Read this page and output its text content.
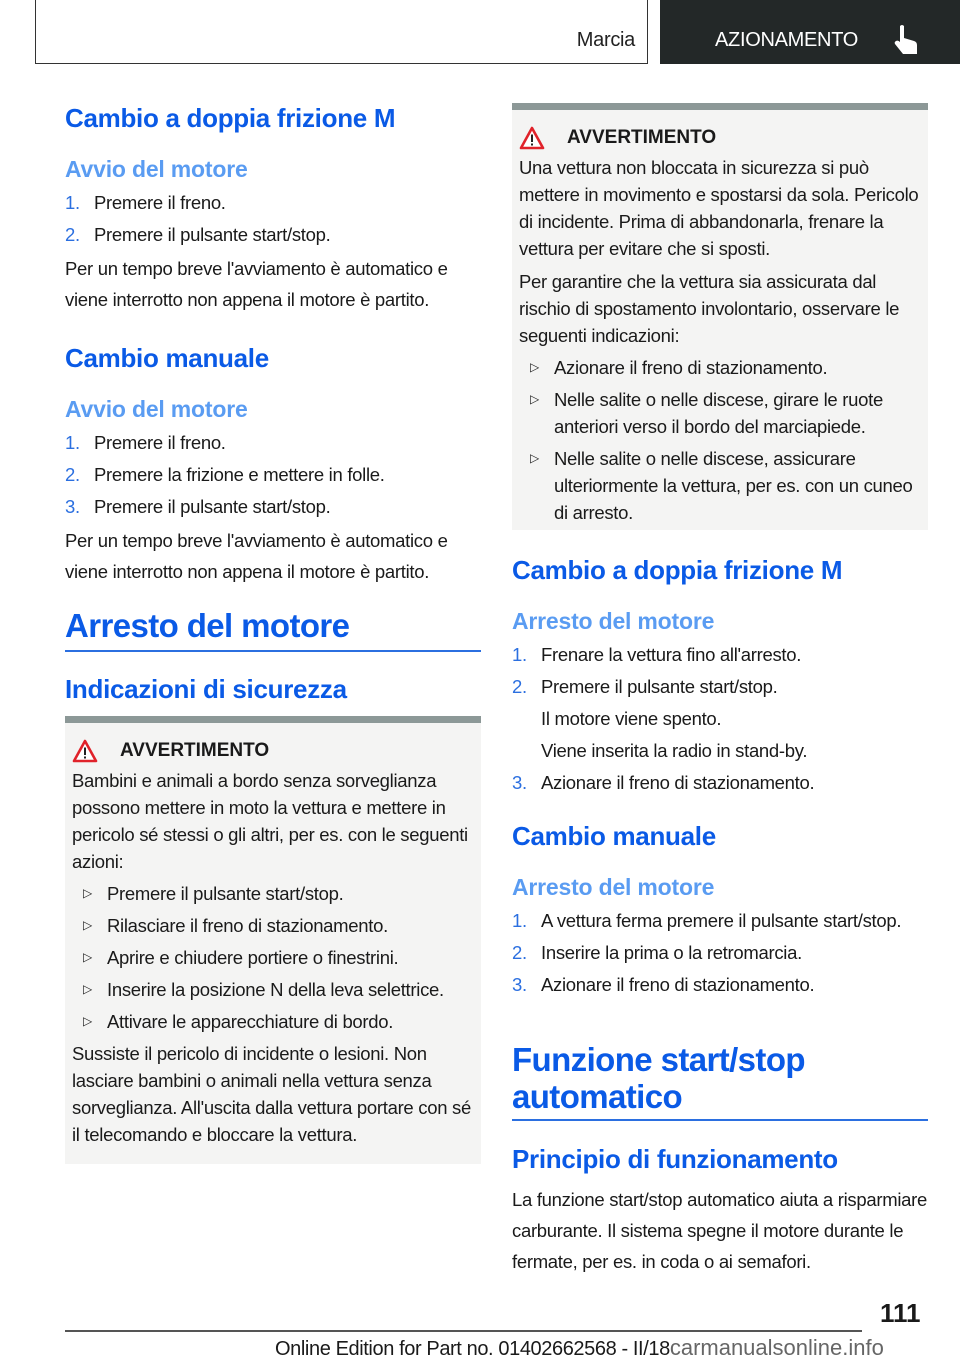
Marcia	AZIONAMENTO
Cambio a doppia frizione M
Avvio del motore
1. Premere il freno.
2. Premere il pulsante start/stop.

Per un tempo breve l'avviamento è automatico e viene interrotto non appena il motore è partito.

Cambio manuale
Avvio del motore
1. Premere il freno.
2. Premere la frizione e mettere in folle.
3. Premere il pulsante start/stop.

Per un tempo breve l'avviamento è automatico e viene interrotto non appena il motore è partito.

Arresto del motore
Indicazioni di sicurezza
AVVERTIMENTO

Bambini e animali a bordo senza sorveglianza possono mettere in moto la vettura e mettere in pericolo sé stessi o gli altri, per es. con le seguenti azioni:

▷
Premere il pulsante start/stop.
▷
Rilasciare il freno di stazionamento.
▷
Aprire e chiudere portiere o finestrini.
▷
Inserire la posizione N della leva selettrice.
▷
Attivare le apparecchiature di bordo.

Sussiste il pericolo di incidente o lesioni. Non lasciare bambini o animali nella vettura senza sorveglianza. All'uscita dalla vettura portare con sé il telecomando e bloccare la vettura.

AVVERTIMENTO

Una vettura non bloccata in sicurezza si può mettere in movimento e spostarsi da sola. Pericolo di incidente. Prima di abbandonarla, frenare la vettura per evitare che si sposti.

Per garantire che la vettura sia assicurata dal rischio di spostamento involontario, osservare le seguenti indicazioni:

▷
Azionare il freno di stazionamento.
▷
Nelle salite o nelle discese, girare le ruote anteriori verso il bordo del marciapiede.
▷
Nelle salite o nelle discese, assicurare ulteriormente la vettura, per es. con un cuneo di arresto.
Cambio a doppia frizione M
Arresto del motore
1. Frenare la vettura fino all'arresto.
2. Premere il pulsante start/stop.
Il motore viene spento.
Viene inserita la radio in stand-by.
3. Azionare il freno di stazionamento.
Cambio manuale
Arresto del motore
1. A vettura ferma premere il pulsante start/stop.
2. Inserire la prima o la retromarcia.
3. Azionare il freno di stazionamento.
Funzione start/stop automatico
Principio di funzionamento

La funzione start/stop automatico aiuta a risparmiare carburante. Il sistema spegne il motore durante le fermate, per es. in coda o ai semafori.

111
Online Edition for Part no. 01402662568 - II/18carmanualsonline.info
